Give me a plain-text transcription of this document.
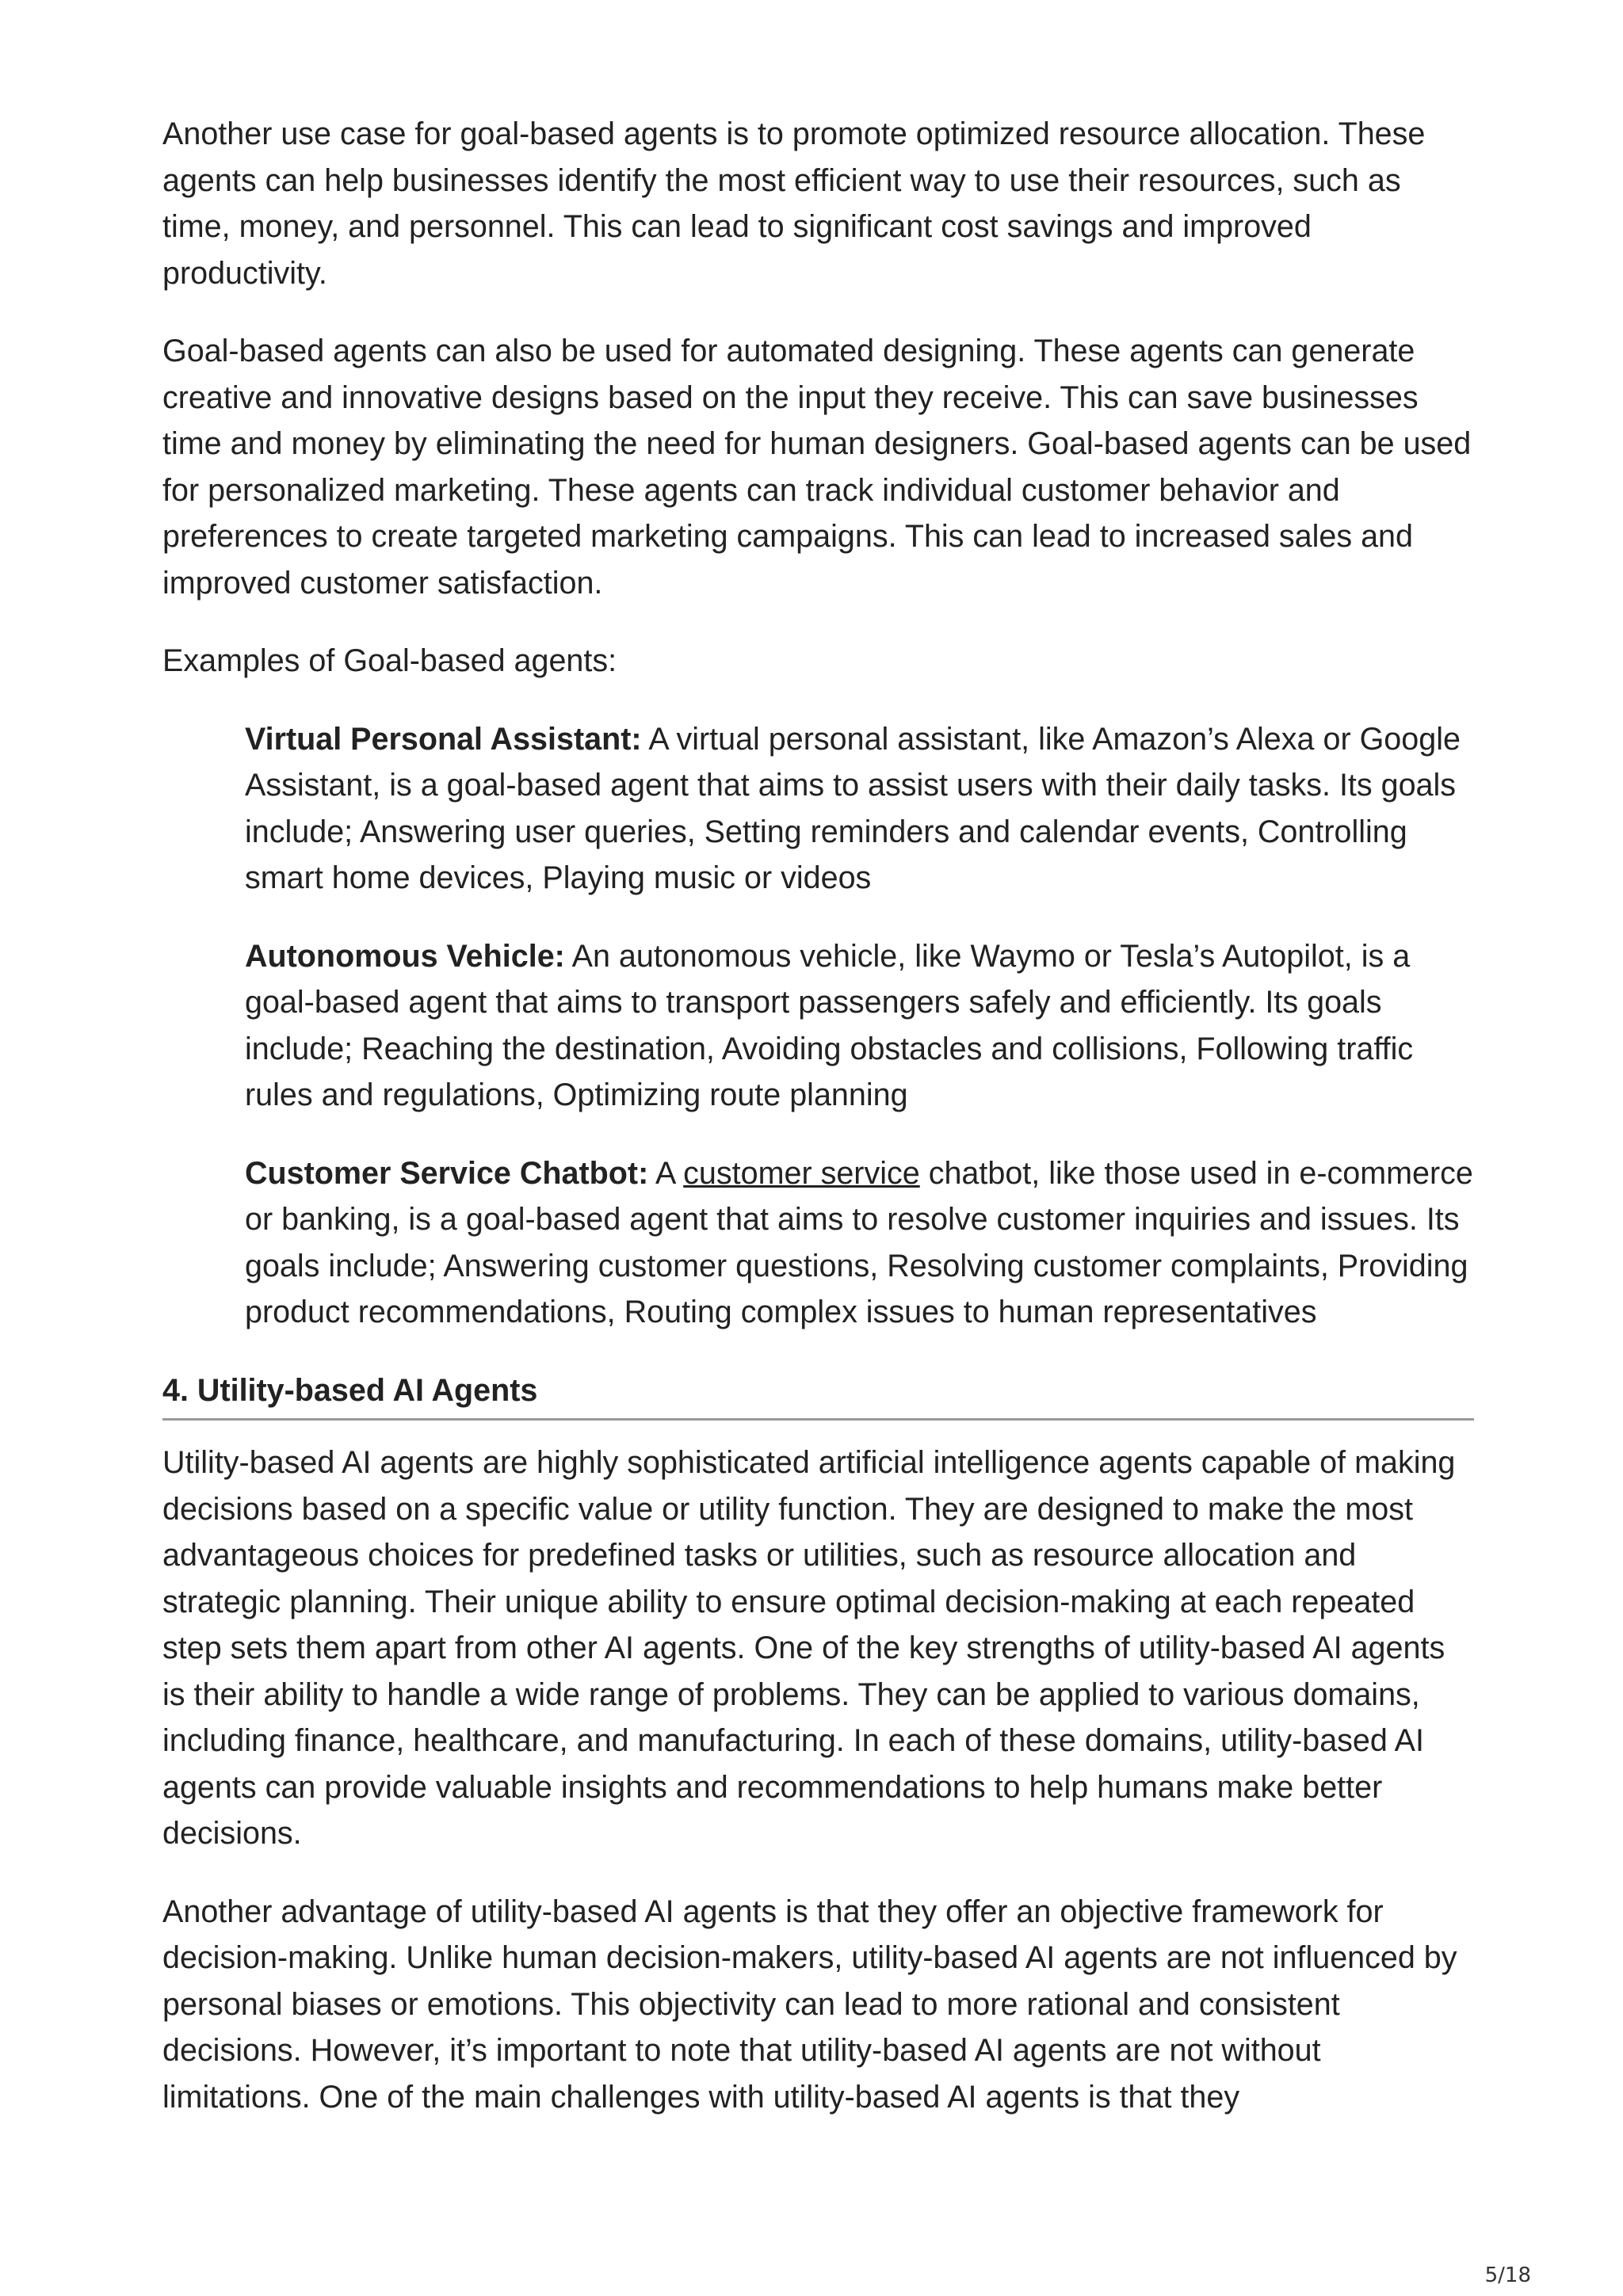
Another use case for goal-based agents is to promote optimized resource allocation. These agents can help businesses identify the most efficient way to use their resources, such as time, money, and personnel. This can lead to significant cost savings and improved productivity.

Goal-based agents can also be used for automated designing. These agents can generate creative and innovative designs based on the input they receive. This can save businesses time and money by eliminating the need for human designers. Goal-based agents can be used for personalized marketing. These agents can track individual customer behavior and preferences to create targeted marketing campaigns. This can lead to increased sales and improved customer satisfaction.

Examples of Goal-based agents:

Virtual Personal Assistant: A virtual personal assistant, like Amazon’s Alexa or Google Assistant, is a goal-based agent that aims to assist users with their daily tasks. Its goals include; Answering user queries, Setting reminders and calendar events, Controlling smart home devices, Playing music or videos

Autonomous Vehicle: An autonomous vehicle, like Waymo or Tesla’s Autopilot, is a goal-based agent that aims to transport passengers safely and efficiently. Its goals include; Reaching the destination, Avoiding obstacles and collisions, Following traffic rules and regulations, Optimizing route planning

Customer Service Chatbot: A customer service chatbot, like those used in e-commerce or banking, is a goal-based agent that aims to resolve customer inquiries and issues. Its goals include; Answering customer questions, Resolving customer complaints, Providing product recommendations, Routing complex issues to human representatives

4. Utility-based AI Agents

Utility-based AI agents are highly sophisticated artificial intelligence agents capable of making decisions based on a specific value or utility function. They are designed to make the most advantageous choices for predefined tasks or utilities, such as resource allocation and strategic planning. Their unique ability to ensure optimal decision-making at each repeated step sets them apart from other AI agents. One of the key strengths of utility-based AI agents is their ability to handle a wide range of problems. They can be applied to various domains, including finance, healthcare, and manufacturing. In each of these domains, utility-based AI agents can provide valuable insights and recommendations to help humans make better decisions.

Another advantage of utility-based AI agents is that they offer an objective framework for decision-making. Unlike human decision-makers, utility-based AI agents are not influenced by personal biases or emotions. This objectivity can lead to more rational and consistent decisions. However, it’s important to note that utility-based AI agents are not without limitations. One of the main challenges with utility-based AI agents is that they

5/18
